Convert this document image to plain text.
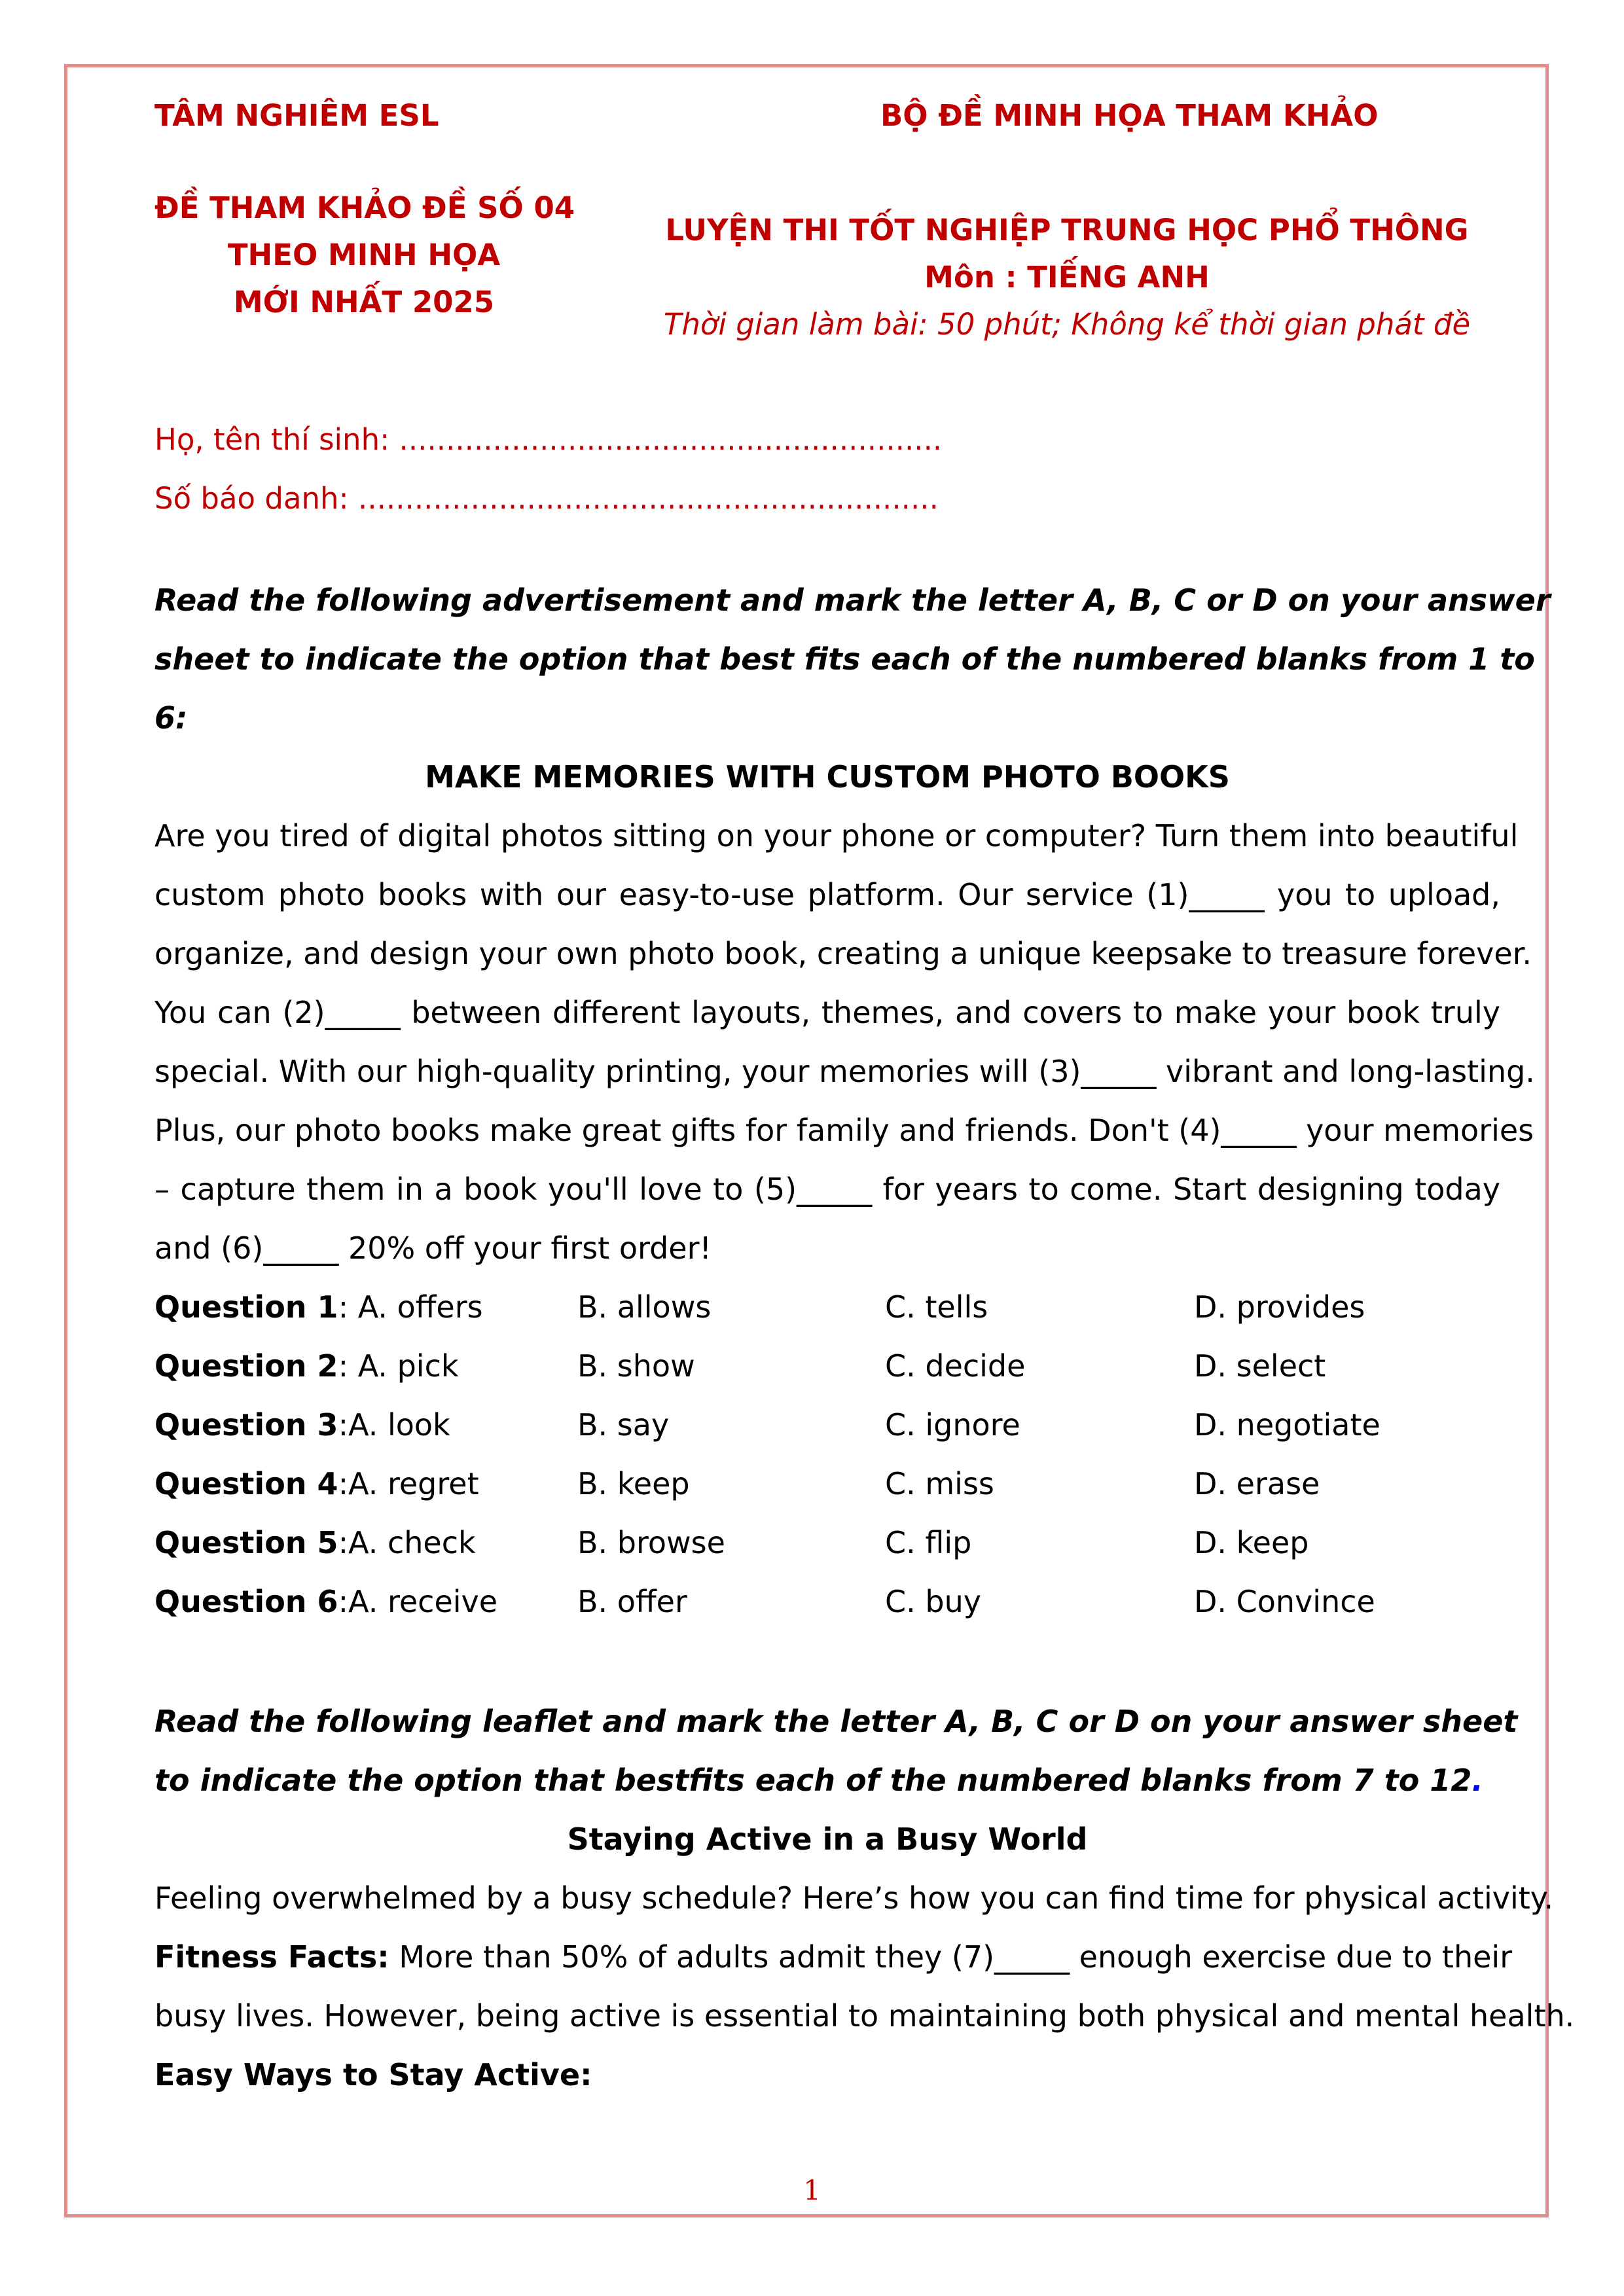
TÂM NGHIÊM ESL	BỘ ĐỀ MINH HỌA THAM KHẢO
ĐỀ THAM KHẢO ĐỀ SỐ 04
THEO MINH HỌA
MỚI NHẤT 2025
LUYỆN THI TỐT NGHIỆP TRUNG HỌC PHỔ THÔNG
Môn : TIẾNG ANH
Thời gian làm bài: 50 phút; Không kể thời gian phát đề
Họ, tên thí sinh: ..........................................................
Số báo danh: ..............................................................
Read the following advertisement and mark the letter A, B, C or D on your answer
sheet to indicate the option that best fits each of the numbered blanks from 1 to
6:
MAKE MEMORIES WITH CUSTOM PHOTO BOOKS
Are you tired of digital photos sitting on your phone or computer? Turn them into beautiful
custom photo books with our easy-to-use platform. Our service (1)_____ you to upload,
organize, and design your own photo book, creating a unique keepsake to treasure forever.
You can (2)_____ between different layouts, themes, and covers to make your book truly
special. With our high-quality printing, your memories will (3)_____ vibrant and long-lasting.
Plus, our photo books make great gifts for family and friends. Don't (4)_____ your memories
– capture them in a book you'll love to (5)_____ for years to come. Start designing today
and (6)_____ 20% off your first order!
Question 1: A. offers	B. allows	C. tells	D. provides
Question 2: A. pick	B. show	C. decide	D. select
Question 3:A. look	B. say	C. ignore	D. negotiate
Question 4:A. regret	B. keep	C. miss	D. erase
Question 5:A. check	B. browse	C. flip	D. keep
Question 6:A. receive	B. offer	C. buy	D. Convince
Read the following leaflet and mark the letter A, B, C or D on your answer sheet
to indicate the option that bestfits each of the numbered blanks from 7 to 12.
Staying Active in a Busy World
Feeling overwhelmed by a busy schedule? Here’s how you can find time for physical activity.
Fitness Facts: More than 50% of adults admit they (7)_____ enough exercise due to their
busy lives. However, being active is essential to maintaining both physical and mental health.
Easy Ways to Stay Active:
1
